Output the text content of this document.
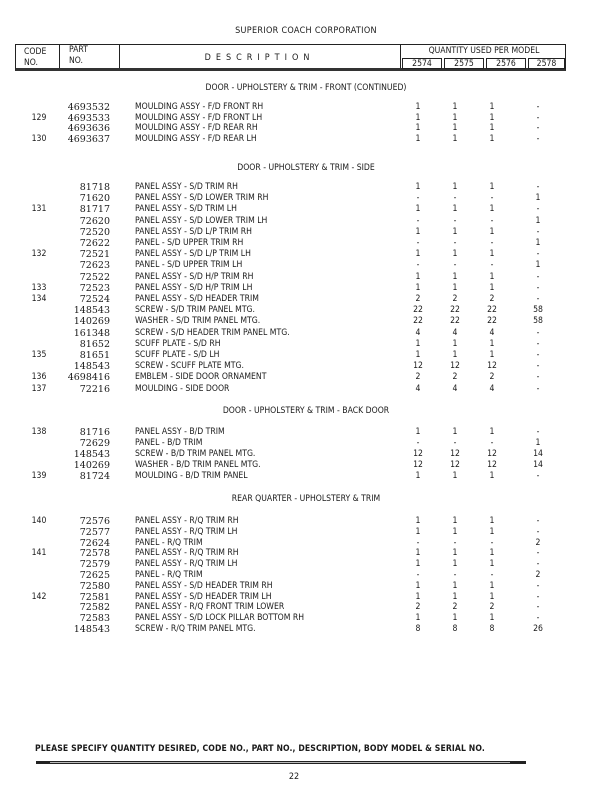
SUPERIOR COACH CORPORATION
CODE
NO.
PART
NO.	DESCRIPTION
QUANTITY USED PER MODEL
2574	2575	2576	2578
DOOR - UPHOLSTERY & TRIM - FRONT (CONTINUED)
4693532	MOULDING ASSY - F/D FRONT RH	1	1	1	-
129	4693533	MOULDING ASSY - F/D FRONT LH	1	1	1	-
4693636	MOULDING ASSY - F/D REAR RH	1	1	1	-
130	4693637	MOULDING ASSY - F/D REAR LH	1	1	1	-
DOOR - UPHOLSTERY & TRIM - SIDE
81718	PANEL ASSY - S/D TRIM RH	1	1	1	-
71620	PANEL ASSY - S/D LOWER TRIM RH	-	-	-	1
131	81717	PANEL ASSY - S/D TRIM LH	1	1	1	-
72620	PANEL ASSY - S/D LOWER TRIM LH	-	-	-	1
72520	PANEL ASSY - S/D L/P TRIM RH	1	1	1	-
72622	PANEL - S/D UPPER TRIM RH	-	-	-	1
132	72521	PANEL ASSY - S/D L/P TRIM LH	1	1	1	-
72623	PANEL - S/D UPPER TRIM LH	-	-	-	1
72522	PANEL ASSY - S/D H/P TRIM RH	1	1	1	-
133	72523	PANEL ASSY - S/D H/P TRIM LH	1	1	1	-
134	72524	PANEL ASSY - S/D HEADER TRIM	2	2	2	-
148543	SCREW - S/D TRIM PANEL MTG.	22	22	22	58
140269	WASHER - S/D TRIM PANEL MTG.	22	22	22	58
161348	SCREW - S/D HEADER TRIM PANEL MTG.	4	4	4	-
81652	SCUFF PLATE - S/D RH	1	1	1	-
135	81651	SCUFF PLATE - S/D LH	1	1	1	-
148543	SCREW - SCUFF PLATE MTG.	12	12	12	-
136	4698416	EMBLEM - SIDE DOOR ORNAMENT	2	2	2	-
137	72216	MOULDING - SIDE DOOR	4	4	4	-
DOOR - UPHOLSTERY & TRIM - BACK DOOR
138	81716	PANEL ASSY - B/D TRIM	1	1	1	-
72629	PANEL - B/D TRIM	-	-	-	1
148543	SCREW - B/D TRIM PANEL MTG.	12	12	12	14
140269	WASHER - B/D TRIM PANEL MTG.	12	12	12	14
139	81724	MOULDING - B/D TRIM PANEL	1	1	1	-
REAR QUARTER - UPHOLSTERY & TRIM
140	72576	PANEL ASSY - R/Q TRIM RH	1	1	1	-
72577	PANEL ASSY - R/Q TRIM LH	1	1	1	-
72624	PANEL - R/Q TRIM	-	-	-	2
141	72578	PANEL ASSY - R/Q TRIM RH	1	1	1	-
72579	PANEL ASSY - R/Q TRIM LH	1	1	1	-
72625	PANEL - R/Q TRIM	-	-	-	2
72580	PANEL ASSY - S/D HEADER TRIM RH	1	1	1	-
142	72581	PANEL ASSY - S/D HEADER TRIM LH	1	1	1	-
72582	PANEL ASSY - R/Q FRONT TRIM LOWER	2	2	2	-
72583	PANEL ASSY - S/D LOCK PILLAR BOTTOM RH	1	1	1	-
148543	SCREW - R/Q TRIM PANEL MTG.	8	8	8	26
PLEASE SPECIFY QUANTITY DESIRED, CODE NO., PART NO., DESCRIPTION, BODY MODEL & SERIAL NO.
22
